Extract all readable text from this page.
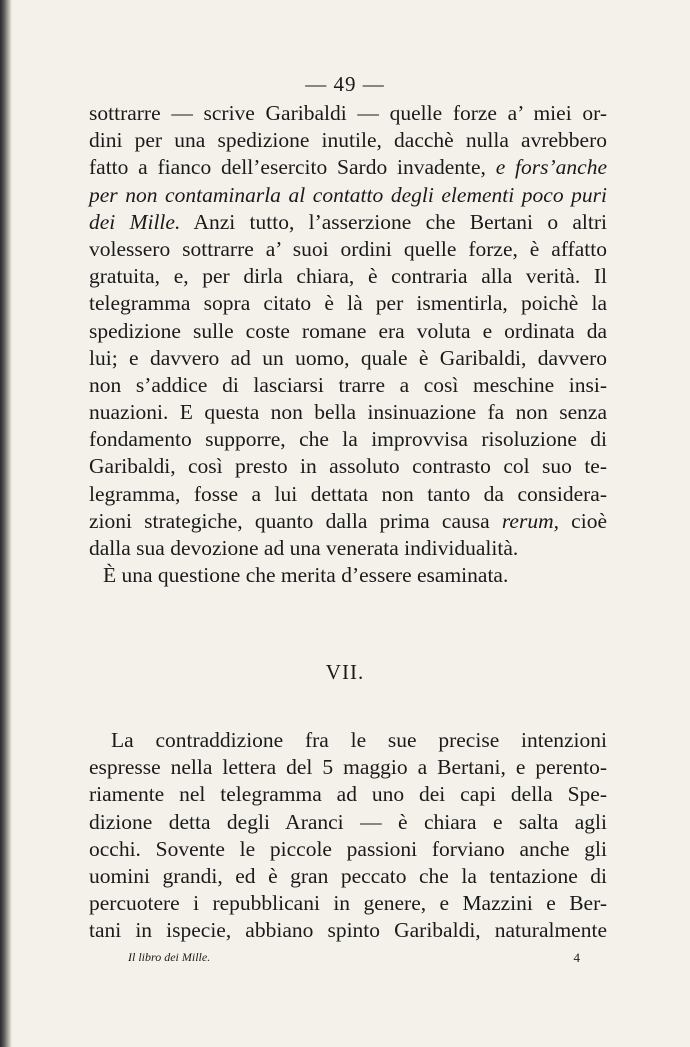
— 49 —
sottrarre — scrive Garibaldi — quelle forze a’ miei or-
dini per una spedizione inutile, dacchè nulla avrebbero
fatto a fianco dell’esercito Sardo invadente, e fors’anche
per non contaminarla al contatto degli elementi poco puri
dei Mille. Anzi tutto, l’asserzione che Bertani o altri
volessero sottrarre a’ suoi ordini quelle forze, è affatto
gratuita, e, per dirla chiara, è contraria alla verità. Il
telegramma sopra citato è là per ismentirla, poichè la
spedizione sulle coste romane era voluta e ordinata da
lui; e davvero ad un uomo, quale è Garibaldi, davvero
non s’addice di lasciarsi trarre a così meschine insi-
nuazioni. E questa non bella insinuazione fa non senza
fondamento supporre, che la improvvisa risoluzione di
Garibaldi, così presto in assoluto contrasto col suo te-
legramma, fosse a lui dettata non tanto da considera-
zioni strategiche, quanto dalla prima causa rerum, cioè
dalla sua devozione ad una venerata individualità.
È una questione che merita d’essere esaminata.
VII.
La contraddizione fra le sue precise intenzioni
espresse nella lettera del 5 maggio a Bertani, e perento-
riamente nel telegramma ad uno dei capi della Spe-
dizione detta degli Aranci — è chiara e salta agli
occhi. Sovente le piccole passioni forviano anche gli
uomini grandi, ed è gran peccato che la tentazione di
percuotere i repubblicani in genere, e Mazzini e Ber-
tani in ispecie, abbiano spinto Garibaldi, naturalmente
Il libro dei Mille.	4
